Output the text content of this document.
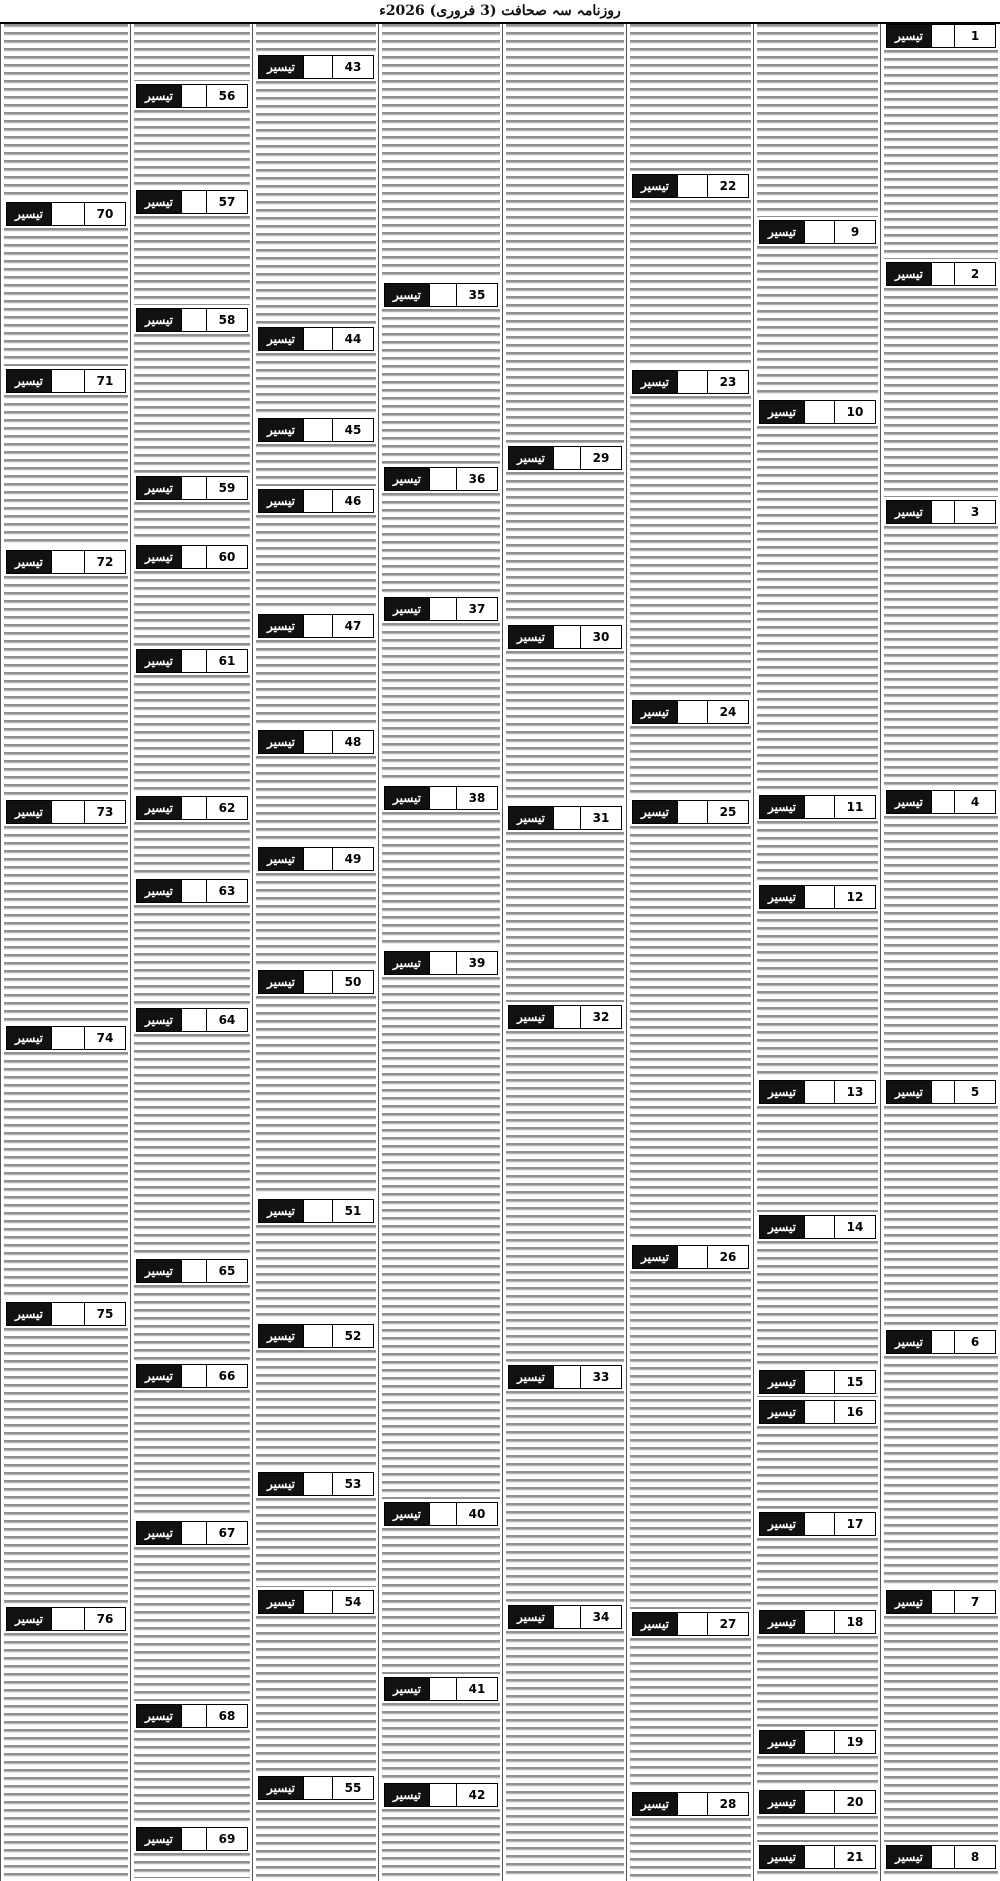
روزنامہ سہ صحافت (3 فروری) 2026ء
تیسیر	1
تیسیر	2
تیسیر	3
تیسیر	4
تیسیر	5
تیسیر	6
تیسیر	7
تیسیر	8
تیسیر	9
تیسیر	10
تیسیر	11
تیسیر	12
تیسیر	13
تیسیر	14
تیسیر	15
تیسیر	16
تیسیر	17
تیسیر	18
تیسیر	19
تیسیر	20
تیسیر	21
تیسیر	22
تیسیر	23
تیسیر	24
تیسیر	25
تیسیر	26
تیسیر	27
تیسیر	28
تیسیر	29
تیسیر	30
تیسیر	31
تیسیر	32
تیسیر	33
تیسیر	34
تیسیر	35
تیسیر	36
تیسیر	37
تیسیر	38
تیسیر	39
تیسیر	40
تیسیر	41
تیسیر	42
تیسیر	43
تیسیر	44
تیسیر	45
تیسیر	46
تیسیر	47
تیسیر	48
تیسیر	49
تیسیر	50
تیسیر	51
تیسیر	52
تیسیر	53
تیسیر	54
تیسیر	55
تیسیر	56
تیسیر	57
تیسیر	58
تیسیر	59
تیسیر	60
تیسیر	61
تیسیر	62
تیسیر	63
تیسیر	64
تیسیر	65
تیسیر	66
تیسیر	67
تیسیر	68
تیسیر	69
تیسیر	70
تیسیر	71
تیسیر	72
تیسیر	73
تیسیر	74
تیسیر	75
تیسیر	76
